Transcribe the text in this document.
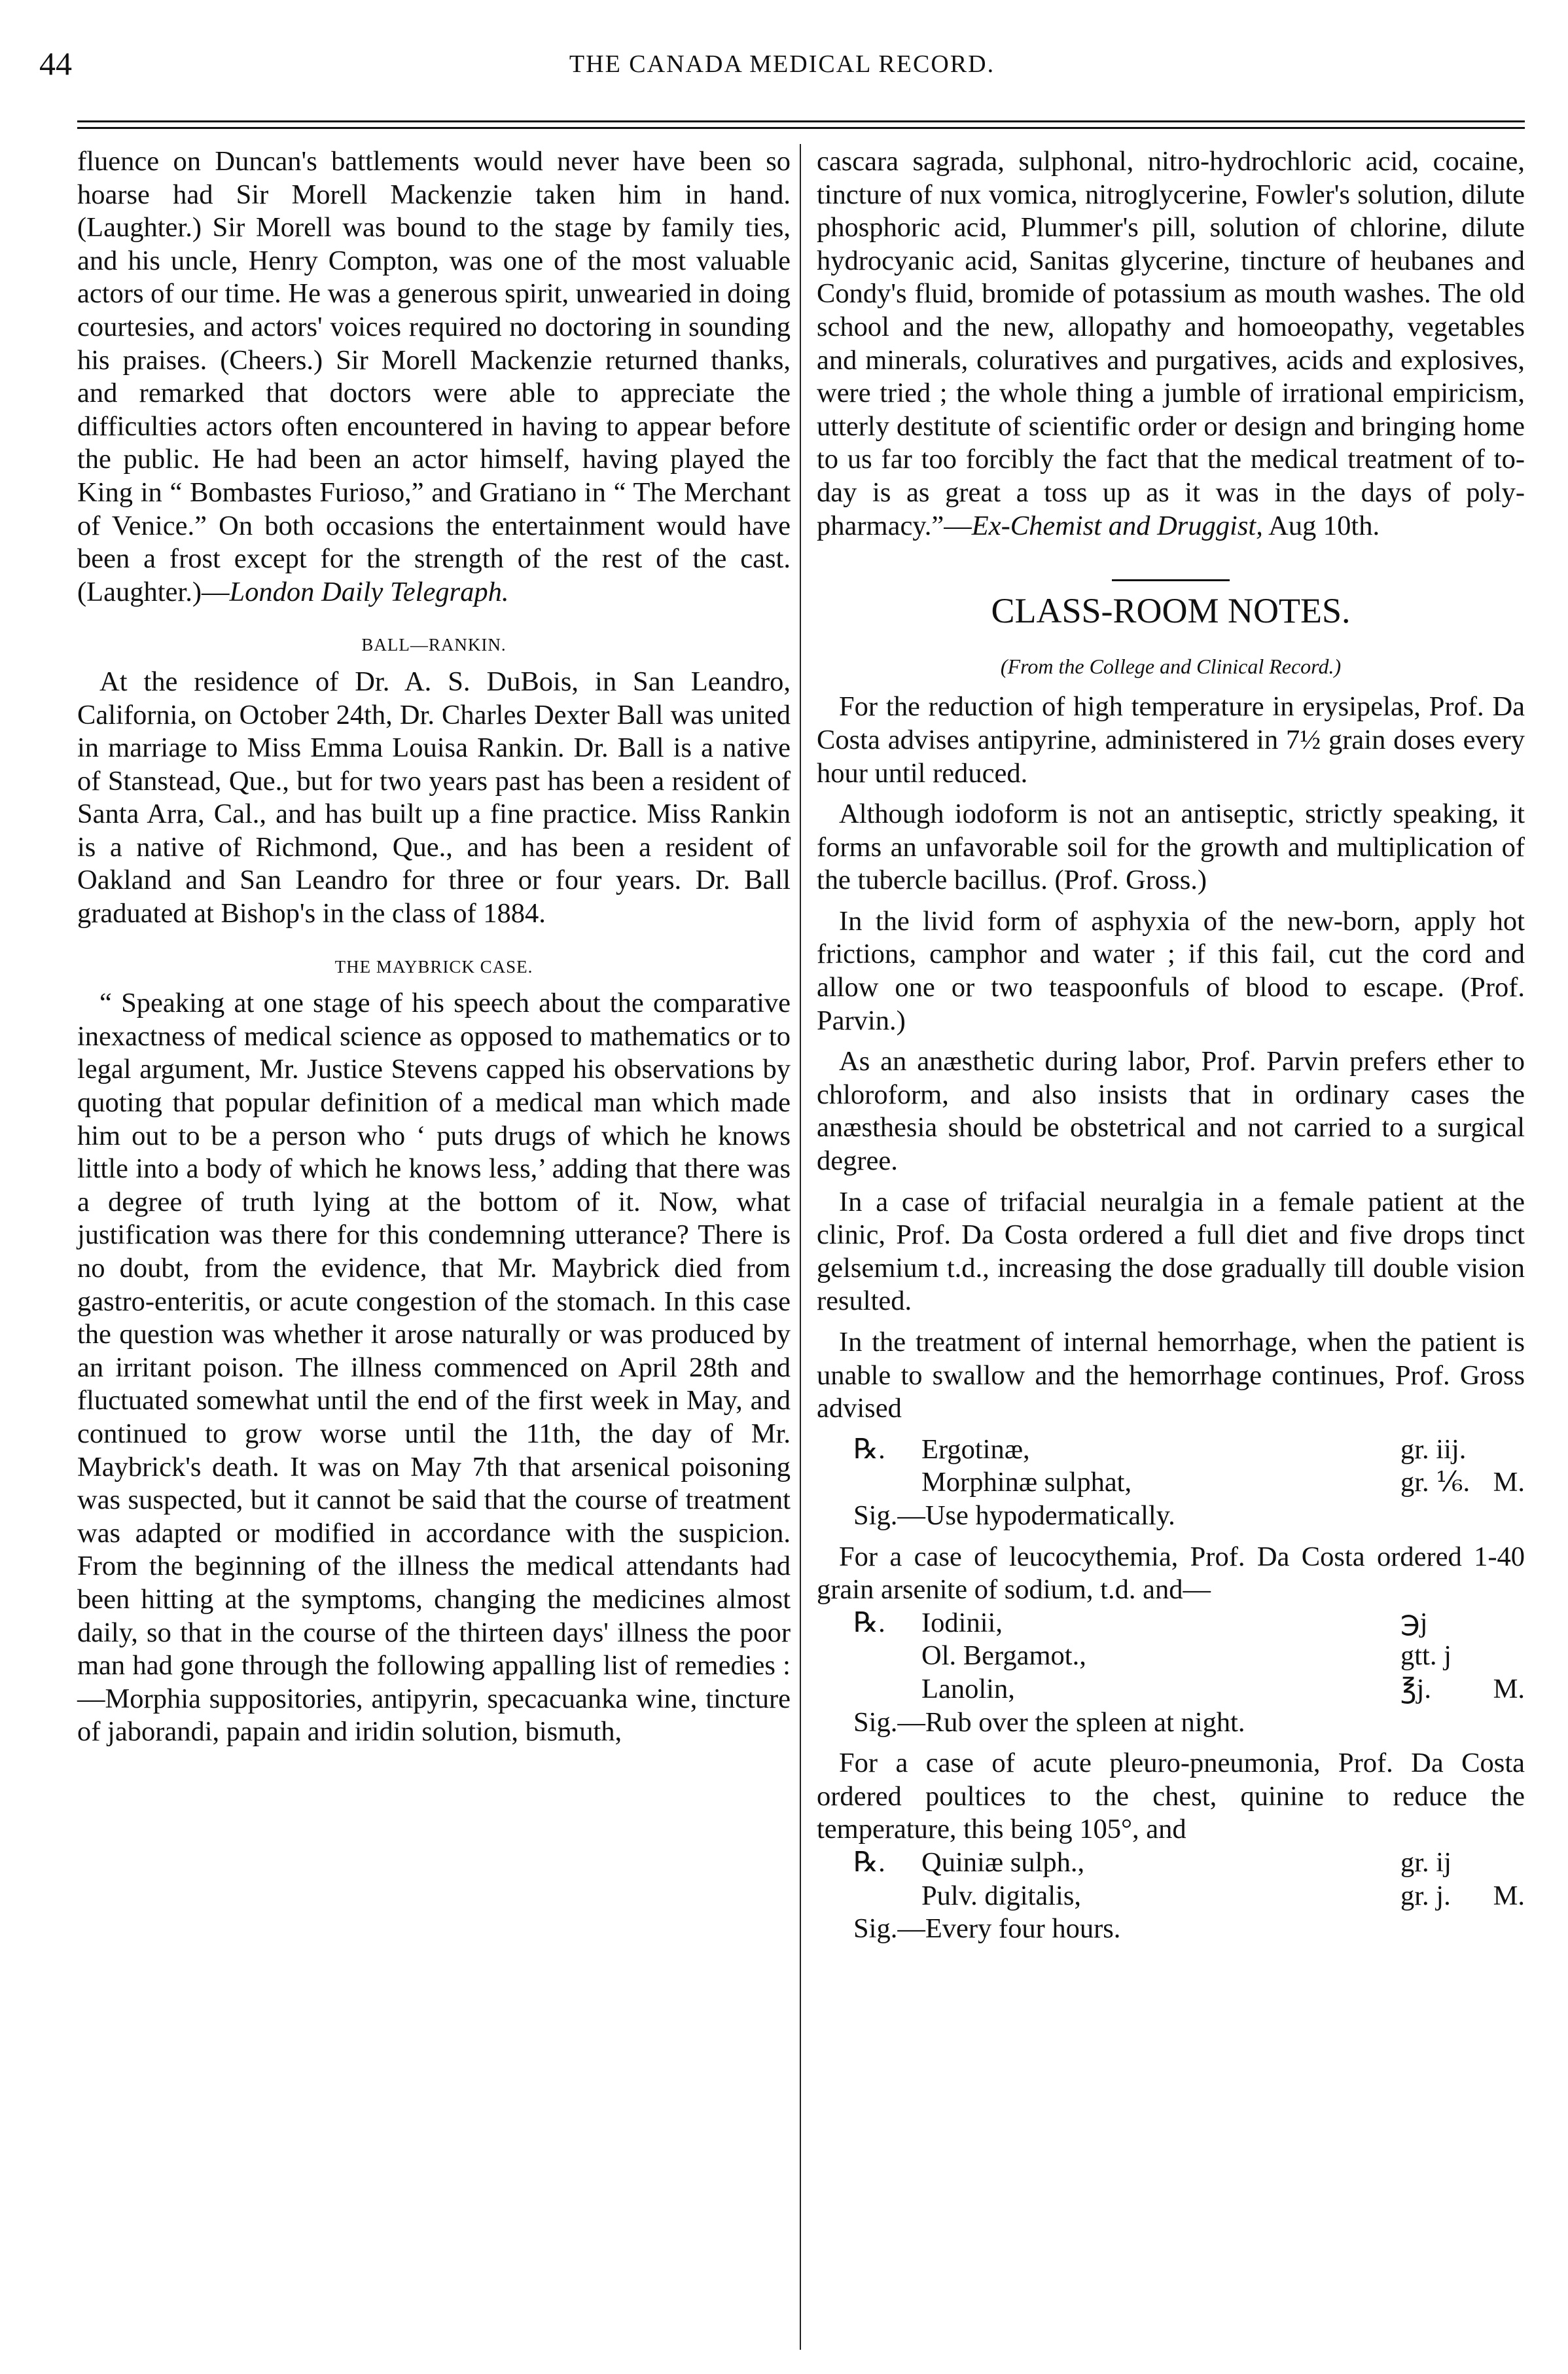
44	THE CANADA MEDICAL RECORD.

fluence on Duncan's battlements would never have been so hoarse had Sir Morell Mackenzie taken him in hand. (Laughter.) Sir Morell was bound to the stage by family ties, and his uncle, Henry Compton, was one of the most valuable actors of our time. He was a generous spirit, unwearied in doing courtesies, and actors' voices required no doctoring in sounding his praises. (Cheers.) Sir Morell Mackenzie returned thanks, and remarked that doctors were able to appreciate the difficulties actors often encountered in having to appear before the public. He had been an actor himself, having played the King in “ Bombastes Furioso,” and Gratiano in “ The Merchant of Venice.” On both occasions the entertainment would have been a frost except for the strength of the rest of the cast. (Laughter.)—London Daily Telegraph.

BALL—RANKIN.

At the residence of Dr. A. S. DuBois, in San Leandro, California, on October 24th, Dr. Charles Dexter Ball was united in marriage to Miss Emma Louisa Rankin. Dr. Ball is a native of Stanstead, Que., but for two years past has been a resident of Santa Arra, Cal., and has built up a fine practice. Miss Rankin is a native of Richmond, Que., and has been a resident of Oakland and San Leandro for three or four years. Dr. Ball graduated at Bishop's in the class of 1884.

THE MAYBRICK CASE.

“ Speaking at one stage of his speech about the comparative inexactness of medical science as opposed to mathematics or to legal argument, Mr. Justice Stevens capped his observations by quoting that popular definition of a medical man which made him out to be a person who ‘ puts drugs of which he knows little into a body of which he knows less,’ adding that there was a degree of truth lying at the bottom of it. Now, what justification was there for this condemning utterance? There is no doubt, from the evidence, that Mr. Maybrick died from gastro-enteritis, or acute congestion of the stomach. In this case the question was whether it arose naturally or was produced by an irritant poison. The illness commenced on April 28th and fluctuated somewhat until the end of the first week in May, and continued to grow worse until the 11th, the day of Mr. Maybrick's death. It was on May 7th that arsenical poisoning was suspected, but it cannot be said that the course of treatment was adapted or modified in accordance with the suspicion. From the beginning of the illness the medical attendants had been hitting at the symptoms, changing the medicines almost daily, so that in the course of the thirteen days' illness the poor man had gone through the following appalling list of remedies :—Morphia suppositories, antipyrin, specacuanka wine, tincture of jaborandi, papain and iridin solution, bismuth,

cascara sagrada, sulphonal, nitro-hydrochloric acid, cocaine, tincture of nux vomica, nitroglycerine, Fowler's solution, dilute phosphoric acid, Plummer's pill, solution of chlorine, dilute hydrocyanic acid, Sanitas glycerine, tincture of heubanes and Condy's fluid, bromide of potassium as mouth washes. The old school and the new, allopathy and homoeopathy, vegetables and minerals, coluratives and purgatives, acids and explosives, were tried ; the whole thing a jumble of irrational empiricism, utterly destitute of scientific order or design and bringing home to us far too forcibly the fact that the medical treatment of to-day is as great a toss up as it was in the days of poly-pharmacy.”—Ex-Chemist and Druggist, Aug 10th.

CLASS-ROOM NOTES.
(From the College and Clinical Record.)

For the reduction of high temperature in erysipelas, Prof. Da Costa advises antipyrine, administered in 7½ grain doses every hour until reduced.

Although iodoform is not an antiseptic, strictly speaking, it forms an unfavorable soil for the growth and multiplication of the tubercle bacillus. (Prof. Gross.)

In the livid form of asphyxia of the new-born, apply hot frictions, camphor and water ; if this fail, cut the cord and allow one or two teaspoonfuls of blood to escape. (Prof. Parvin.)

As an anæsthetic during labor, Prof. Parvin prefers ether to chloroform, and also insists that in ordinary cases the anæsthesia should be obstetrical and not carried to a surgical degree.

In a case of trifacial neuralgia in a female patient at the clinic, Prof. Da Costa ordered a full diet and five drops tinct gelsemium t.d., increasing the dose gradually till double vision resulted.

In the treatment of internal hemorrhage, when the patient is unable to swallow and the hemorrhage continues, Prof. Gross advised

℞.	Ergotinæ,	gr. iij.
Morphinæ sulphat,	gr. ⅙. M.
Sig.—Use hypodermatically.

For a case of leucocythemia, Prof. Da Costa ordered 1-40 grain arsenite of sodium, t.d. and—

℞.	Iodinii,	℈j
Ol. Bergamot.,	gtt. j
Lanolin,	℥j.	M.
Sig.—Rub over the spleen at night.

For a case of acute pleuro-pneumonia, Prof. Da Costa ordered poultices to the chest, quinine to reduce the temperature, this being 105°, and

℞.	Quiniæ sulph.,	gr. ij
Pulv. digitalis,	gr. j.	M.
Sig.—Every four hours.
